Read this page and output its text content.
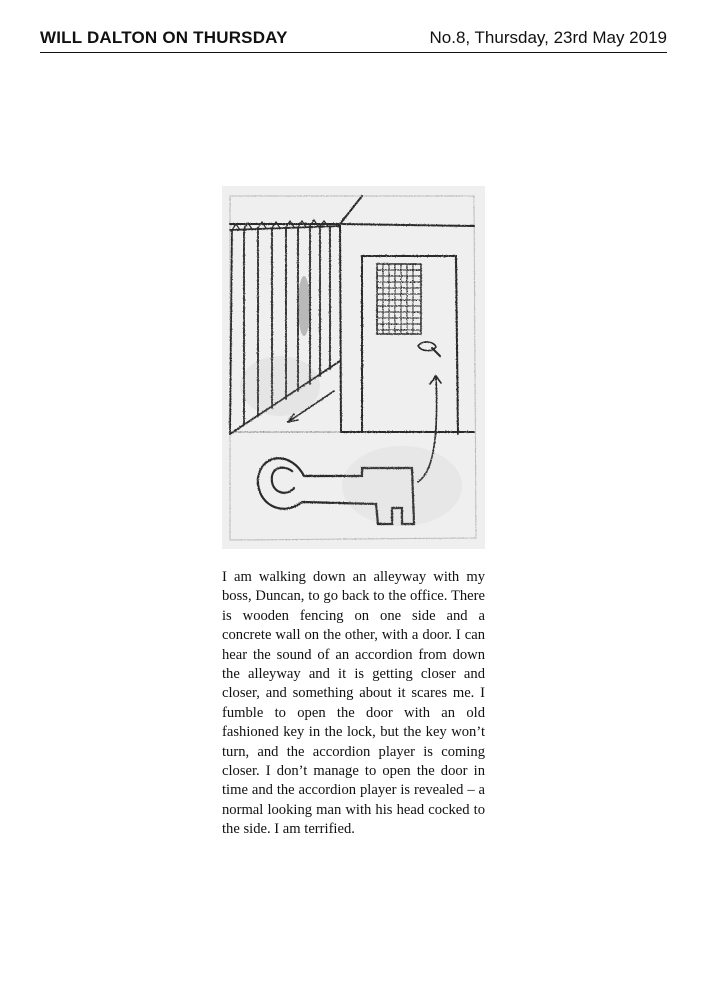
WILL DALTON ON THURSDAY	No.8, Thursday, 23rd May 2019

I am walking down an alleyway with my boss, Duncan, to go back to the office. There is wooden fencing on one side and a concrete wall on the other, with a door. I can hear the sound of an accordion from down the alleyway and it is getting closer and closer, and something about it scares me. I fumble to open the door with an old fashioned key in the lock, but the key won’t turn, and the accordion player is coming closer. I don’t manage to open the door in time and the accordion player is revealed – a normal looking man with his head cocked to the side. I am terrified.
